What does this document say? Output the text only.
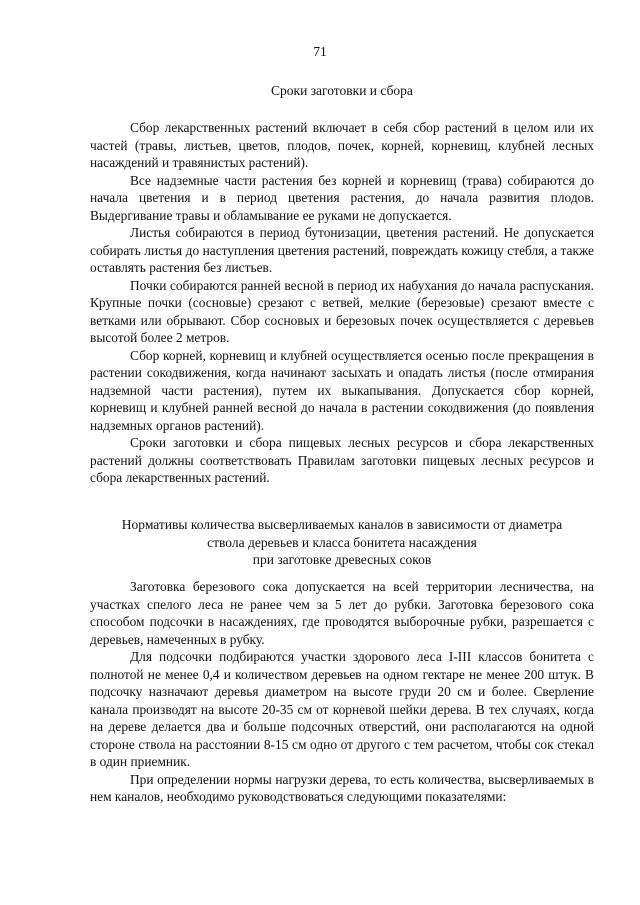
71
Сроки заготовки и сбора

Сбор лекарственных растений включает в себя сбор растений в целом или их частей (травы, листьев, цветов, плодов, почек, корней, корневищ, клубней лесных насаждений и травянистых растений).

Все надземные части растения без корней и корневищ (трава) собираются до начала цветения и в период цветения растения, до начала развития плодов. Выдергивание травы и обламывание ее руками не допускается.

Листья собираются в период бутонизации, цветения растений. Не допускается собирать листья до наступления цветения растений, повреждать кожицу стебля, а также оставлять растения без листьев.

Почки собираются ранней весной в период их набухания до начала распускания. Крупные почки (сосновые) срезают с ветвей, мелкие (березовые) срезают вместе с ветками или обрывают. Сбор сосновых и березовых почек осуществляется с деревьев высотой более 2 метров.

Сбор корней, корневищ и клубней осуществляется осенью после прекращения в растении сокодвижения, когда начинают засыхать и опадать листья (после отмирания надземной части растения), путем их выкапывания. Допускается сбор корней, корневищ и клубней ранней весной до начала в растении сокодвижения (до появления надземных органов растений).

Сроки заготовки и сбора пищевых лесных ресурсов и сбора лекарственных растений должны соответствовать Правилам заготовки пищевых лесных ресурсов и сбора лекарственных растений.

Нормативы количества высверливаемых каналов в зависимости от диаметра
ствола деревьев и класса бонитета насаждения
при заготовке древесных соков

Заготовка березового сока допускается на всей территории лесничества, на участках спелого леса не ранее чем за 5 лет до рубки. Заготовка березового сока способом подсочки в насаждениях, где проводятся выборочные рубки, разрешается с деревьев, намеченных в рубку.

Для подсочки подбираются участки здорового леса I-III классов бонитета с полнотой не менее 0,4 и количеством деревьев на одном гектаре не менее 200 штук. В подсочку назначают деревья диаметром на высоте груди 20 см и более. Сверление канала производят на высоте 20-35 см от корневой шейки дерева. В тех случаях, когда на дереве делается два и больше подсочных отверстий, они располагаются на одной стороне ствола на расстоянии 8-15 см одно от другого с тем расчетом, чтобы сок стекал в один приемник.

При определении нормы нагрузки дерева, то есть количества, высверливаемых в нем каналов, необходимо руководствоваться следующими показателями:
